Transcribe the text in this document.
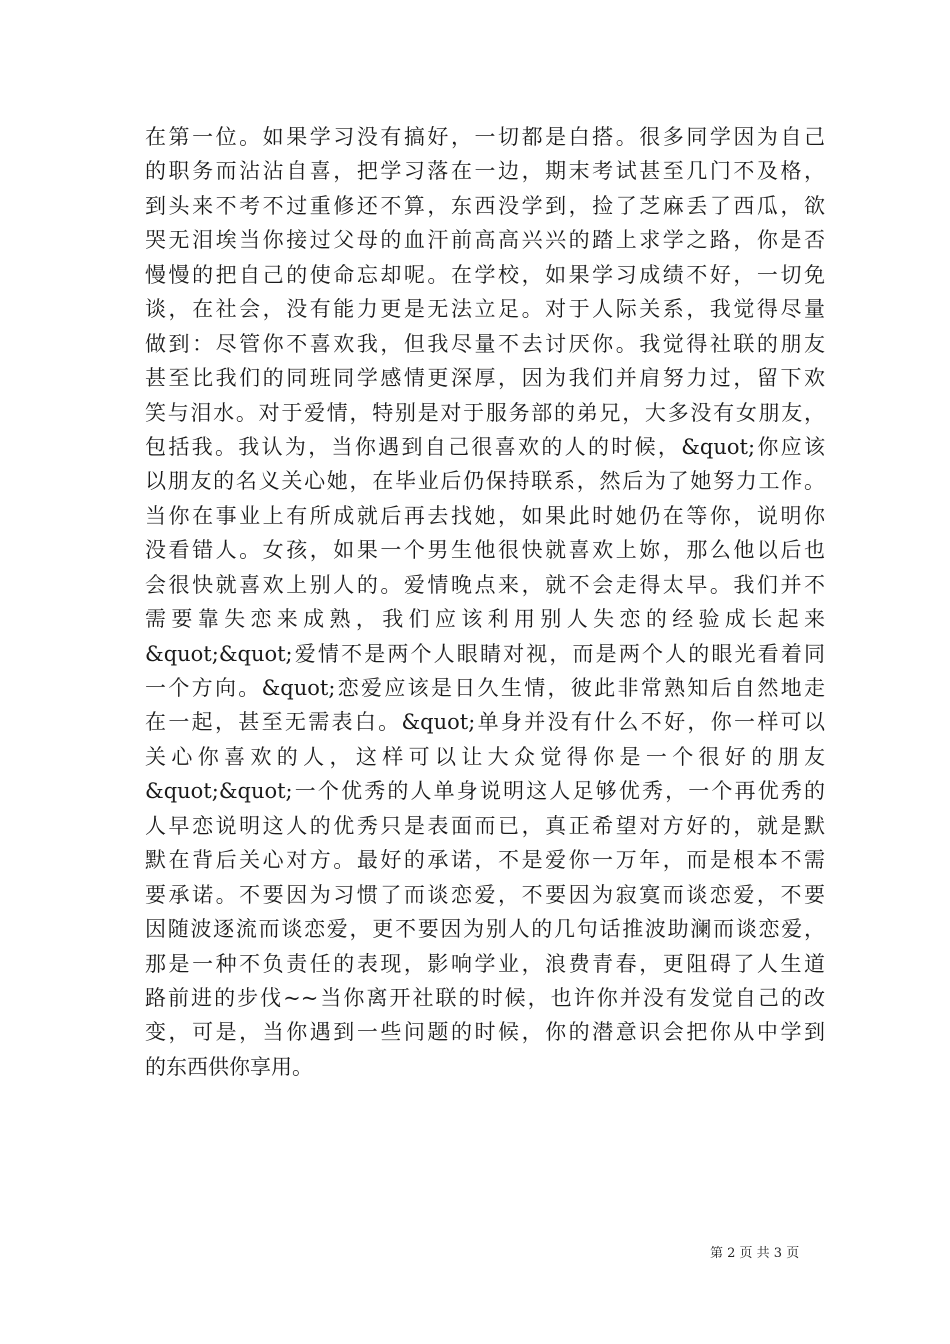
在第一位。如果学习没有搞好，一切都是白搭。很多同学因为自己
的职务而沾沾自喜，把学习落在一边，期末考试甚至几门不及格，
到头来不考不过重修还不算，东西没学到，捡了芝麻丢了西瓜，欲
哭无泪埃当你接过父母的血汗前高高兴兴的踏上求学之路，你是否
慢慢的把自己的使命忘却呢。在学校，如果学习成绩不好，一切免
谈，在社会，没有能力更是无法立足。对于人际关系，我觉得尽量
做到：尽管你不喜欢我，但我尽量不去讨厌你。我觉得社联的朋友
甚至比我们的同班同学感情更深厚，因为我们并肩努力过，留下欢
笑与泪水。对于爱情，特别是对于服务部的弟兄，大多没有女朋友，
包括我。我认为，当你遇到自己很喜欢的人的时候，&quot;你应该
以朋友的名义关心她，在毕业后仍保持联系，然后为了她努力工作。
当你在事业上有所成就后再去找她，如果此时她仍在等你，说明你
没看错人。女孩，如果一个男生他很快就喜欢上妳，那么他以后也
会很快就喜欢上别人的。爱情晚点来，就不会走得太早。我们并不
需要靠失恋来成熟，我们应该利用别人失恋的经验成长起来
&quot;&quot;爱情不是两个人眼睛对视，而是两个人的眼光看着同
一个方向。&quot;恋爱应该是日久生情，彼此非常熟知后自然地走
在一起，甚至无需表白。&quot;单身并没有什么不好，你一样可以
关心你喜欢的人，这样可以让大众觉得你是一个很好的朋友
&quot;&quot;一个优秀的人单身说明这人足够优秀，一个再优秀的
人早恋说明这人的优秀只是表面而已，真正希望对方好的，就是默
默在背后关心对方。最好的承诺，不是爱你一万年，而是根本不需
要承诺。不要因为习惯了而谈恋爱，不要因为寂寞而谈恋爱，不要
因随波逐流而谈恋爱，更不要因为别人的几句话推波助澜而谈恋爱，
那是一种不负责任的表现，影响学业，浪费青春，更阻碍了人生道
路前进的步伐~~当你离开社联的时候，也许你并没有发觉自己的改
变，可是，当你遇到一些问题的时候，你的潜意识会把你从中学到
的东西供你享用。
第 2 页 共 3 页
